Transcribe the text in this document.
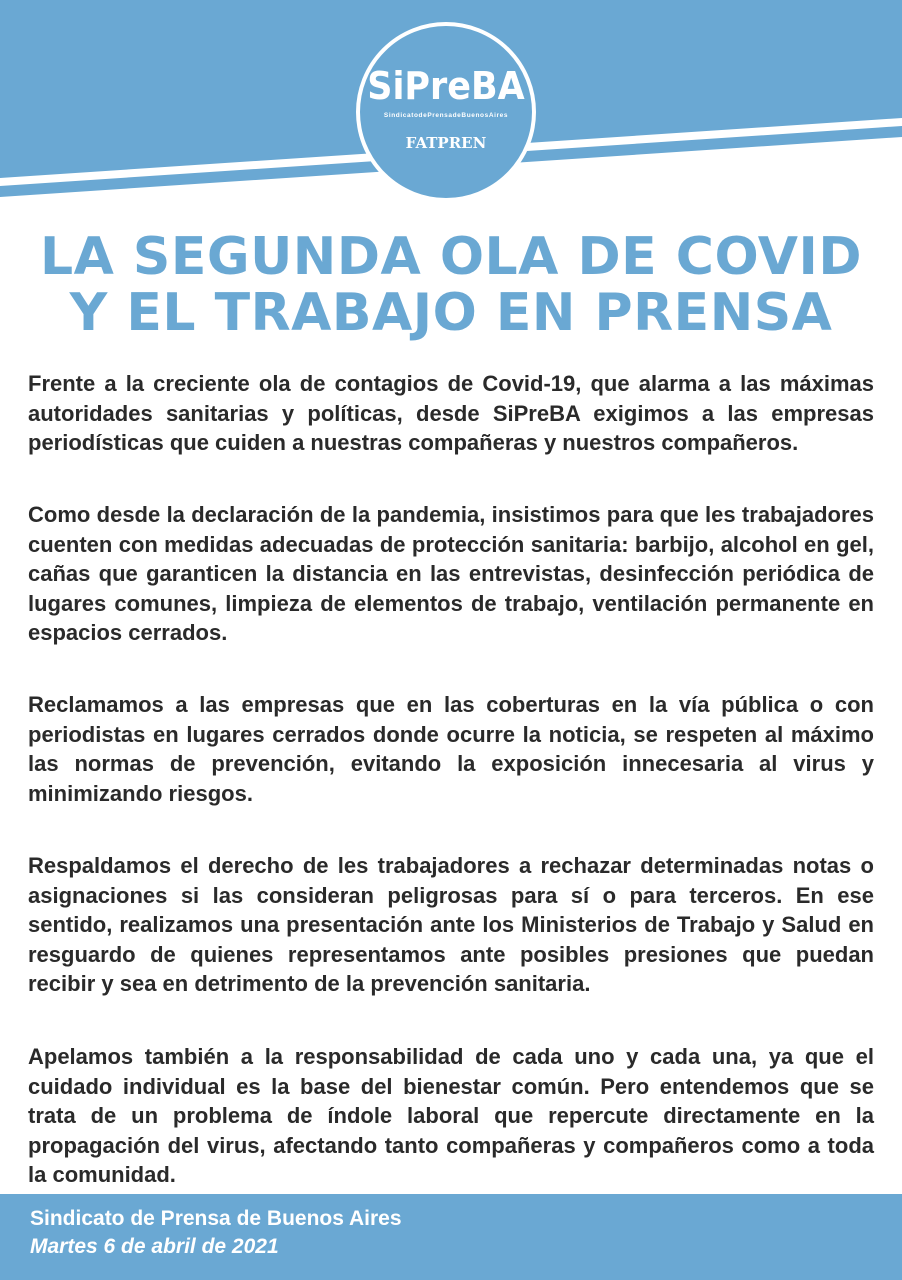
SiPreBA
SindicatodePrensadeBuenosAires
FATPREN
LA SEGUNDA OLA DE COVID
Y EL TRABAJO EN PRENSA

Frente a la creciente ola de contagios de Covid-19, que alarma a las máximas autoridades sanitarias y políticas, desde SiPreBA exigimos a las empresas periodísticas que cuiden a nuestras compañeras y nuestros compañeros.

Como desde la declaración de la pandemia, insistimos para que les trabajadores cuenten con medidas adecuadas de protección sanitaria: barbijo, alcohol en gel, cañas que garanticen la distancia en las entrevistas, desinfección periódica de lugares comunes, limpieza de elementos de trabajo, ventilación permanente en espacios cerrados.

Reclamamos a las empresas que en las coberturas en la vía pública o con periodistas en lugares cerrados donde ocurre la noticia, se respeten al máximo las normas de prevención, evitando la exposición innecesaria al virus y minimizando riesgos.

Respaldamos el derecho de les trabajadores a rechazar determinadas notas o asignaciones si las consideran peligrosas para sí o para terceros. En ese sentido, realizamos una presentación ante los Ministerios de Trabajo y Salud en resguardo de quienes representamos ante posibles presiones que puedan recibir y sea en detrimento de la prevención sanitaria.

Apelamos también a la responsabilidad de cada uno y cada una, ya que el cuidado individual es la base del bienestar común. Pero entendemos que se trata de un problema de índole laboral que repercute directamente en la propagación del virus, afectando tanto compañeras y compañeros como a toda la comunidad.

Sindicato de Prensa de Buenos Aires
Martes 6 de abril de 2021
